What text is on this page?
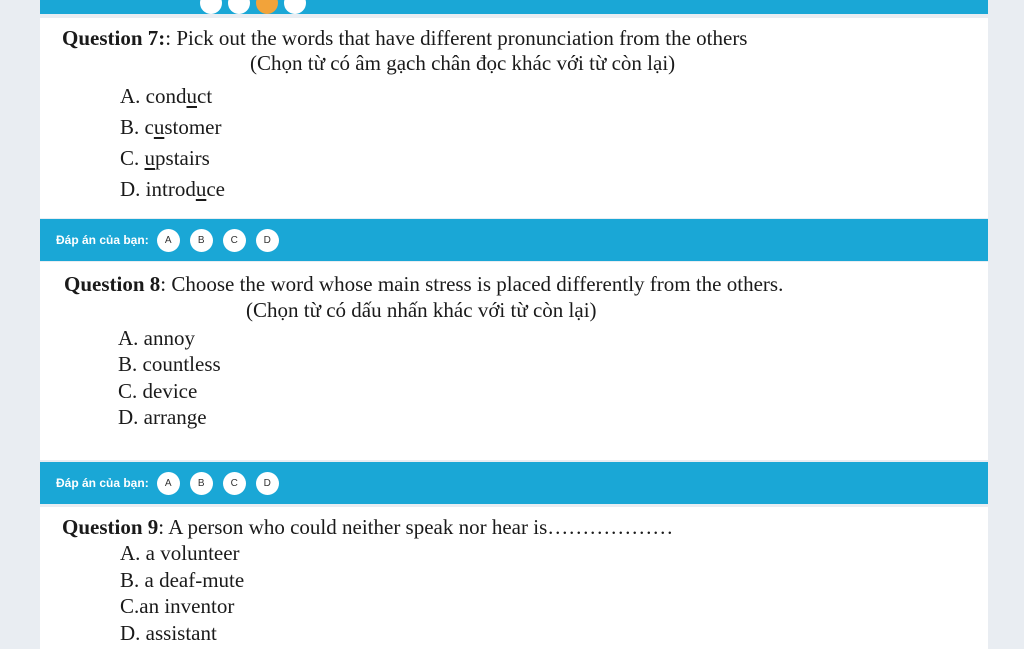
Question 7:: Pick out the words that have different pronunciation from the others
(Chọn từ có âm gạch chân đọc khác với từ còn lại)
A. conduct
B. customer
C. upstairs
D. introduce
Đáp án của bạn:	A	B	C	D
Question 8: Choose the word whose main stress is placed differently from the others.
(Chọn từ có dấu nhấn khác với từ còn lại)
A. annoy
B. countless
C. device
D. arrange
Đáp án của bạn:	A	B	C	D
Question 9: A person who could neither speak nor hear is………………
A. a volunteer
B. a deaf-mute
C.an inventor
D. assistant
